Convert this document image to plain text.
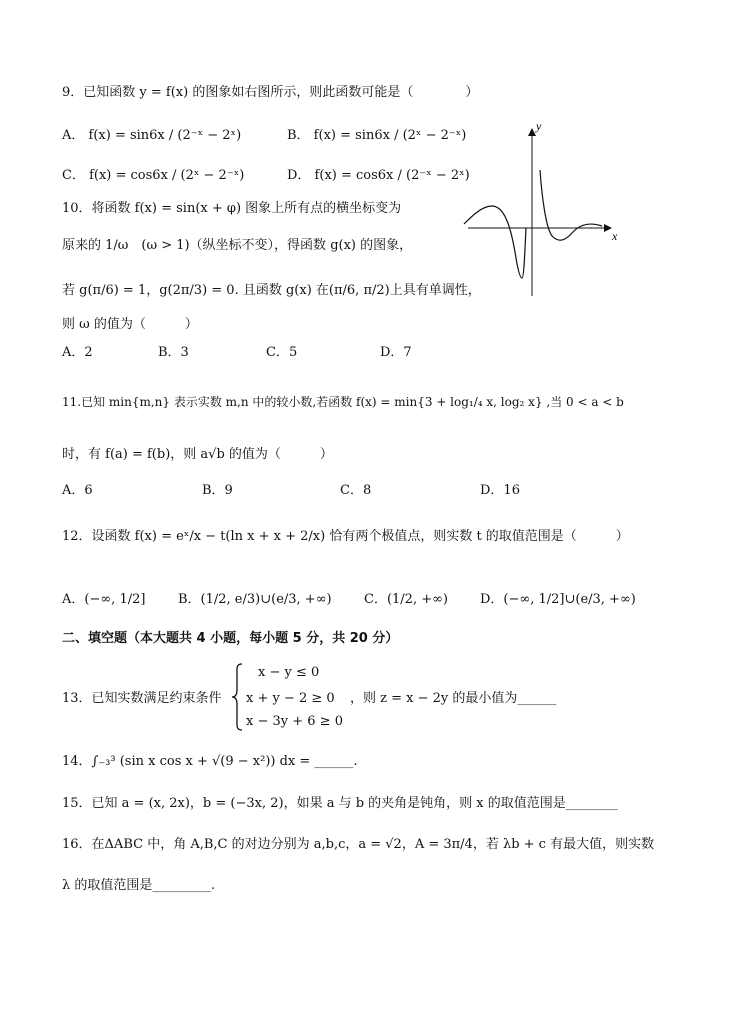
9．已知函数 y = f(x) 的图象如右图所示，则此函数可能是（　　　　）
A． f(x) = sin6x / (2⁻ˣ − 2ˣ)	B． f(x) = sin6x / (2ˣ − 2⁻ˣ)
C． f(x) = cos6x / (2ˣ − 2⁻ˣ)	D． f(x) = cos6x / (2⁻ˣ − 2ˣ)
x
y
10．将函数 f(x) = sin(x + φ) 图象上所有点的横坐标变为
原来的 1/ω　(ω > 1)（纵坐标不变），得函数 g(x) 的图象，
若 g(π/6) = 1，g(2π/3) = 0. 且函数 g(x) 在(π/6, π/2)上具有单调性，
则 ω 的值为（　　　）
A．2	B．3	C．5	D．7
11.已知 min{m,n} 表示实数 m,n 中的较小数,若函数 f(x) = min{3 + log₁/₄ x, log₂ x} ,当 0 < a < b
时，有 f(a) = f(b)，则 a√b 的值为（　　　）
A．6	B．9	C．8	D．16
12．设函数 f(x) = eˣ/x − t(ln x + x + 2/x) 恰有两个极值点，则实数 t 的取值范围是（　　　）
A．(−∞, 1/2]	B．(1/2, e/3)∪(e/3, +∞) C．(1/2, +∞) D．(−∞, 1/2]∪(e/3, +∞)
二、填空题（本大题共 4 小题，每小题 5 分，共 20 分）
13．已知实数满足约束条件
x − y ≤ 0
x + y − 2 ≥ 0
x − 3y + 6 ≥ 0
，则 z = x − 2y 的最小值为______
14．∫₋₃³ (sin x cos x + √(9 − x²)) dx = ______.
15．已知 a = (x, 2x)，b = (−3x, 2)，如果 a 与 b 的夹角是钝角，则 x 的取值范围是________
16．在ΔABC 中，角 A,B,C 的对边分别为 a,b,c，a = √2，A = 3π/4，若 λb + c 有最大值，则实数
λ 的取值范围是_________.
